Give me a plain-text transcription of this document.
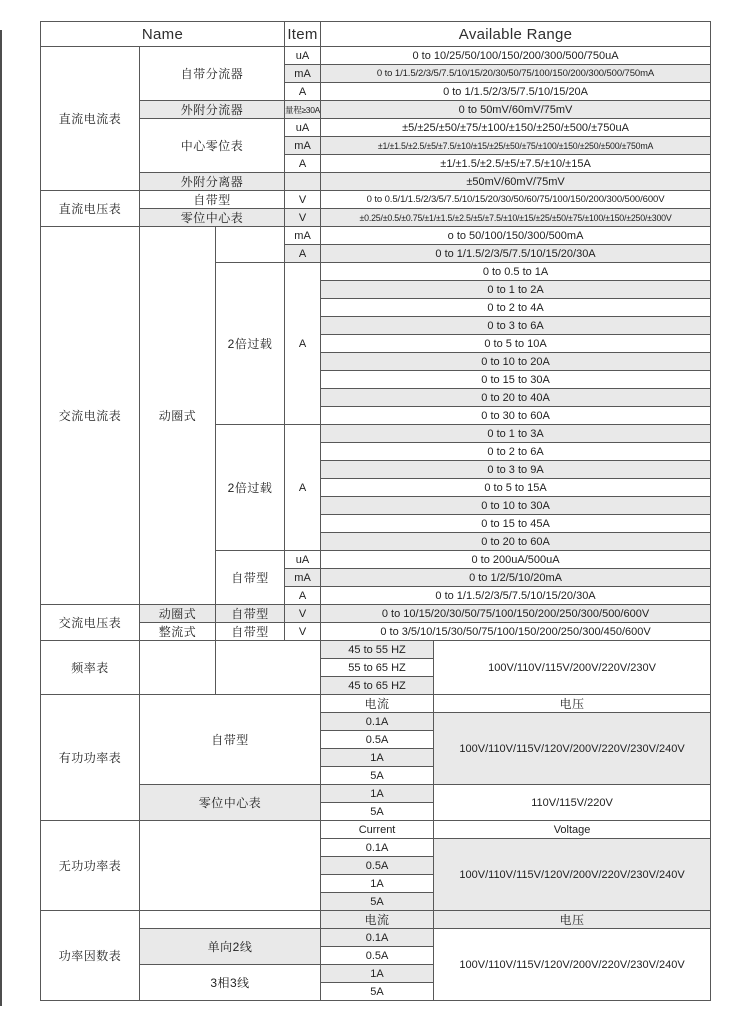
Name			Item	Available Range	
直流电流表	自带分流器		uA	0 to 10/25/50/100/150/200/300/500/750uA	
			mA	0 to 1/1.5/2/3/5/7.5/10/15/20/30/50/75/100/150/200/300/500/750mA	
			A	0 to 1/1.5/2/3/5/7.5/10/15/20A	
	外附分流器		量程≥30A	0 to 50mV/60mV/75mV	
	中心零位表		uA	±5/±25/±50/±75/±100/±150/±250/±500/±750uA	
			mA	±1/±1.5/±2.5/±5/±7.5/±10/±15/±25/±50/±75/±100/±150/±250/±500/±750mA	
			A	±1/±1.5/±2.5/±5/±7.5/±10/±15A	
	外附分离器			±50mV/60mV/75mV	
直流电压表	自带型		V	0 to 0.5/1/1.5/2/3/5/7.5/10/15/20/30/50/60/75/100/150/200/300/500/600V	
	零位中心表		V	±0.25/±0.5/±0.75/±1/±1.5/±2.5/±5/±7.5/±10/±15/±25/±50/±75/±100/±150/±250/±300V	
交流电流表	动圈式		mA	o to 50/100/150/300/500mA	
			A	0 to 1/1.5/2/3/5/7.5/10/15/20/30A	
		2倍过载	A	0 to 0.5 to 1A	
				0 to 1 to 2A	
				0 to 2 to 4A	
				0 to 3 to 6A	
				0 to 5 to 10A	
				0 to 10 to 20A	
				0 to 15 to 30A	
				0 to 20 to 40A	
				0 to 30 to 60A	
		2倍过载	A	0 to 1 to 3A	
				0 to 2 to 6A	
				0 to 3 to 9A	
				0 to 5 to 15A	
				0 to 10 to 30A	
				0 to 15 to 45A	
				0 to 20 to 60A	
		自带型	uA	0 to 200uA/500uA	
			mA	0 to 1/2/5/10/20mA	
			A	0 to 1/1.5/2/3/5/7.5/10/15/20/30A	
交流电压表	动圈式	自带型	V	0 to 10/15/20/30/50/75/100/150/200/250/300/500/600V	
	整流式	自带型	V	0 to 3/5/10/15/30/50/75/100/150/200/250/300/450/600V	
频率表				45 to 55 HZ	100V/110V/115V/200V/220V/230V
				55 to 65 HZ	
				45 to 65 HZ	
有功功率表	自带型			电流	电压
				0.1A	100V/110V/115V/120V/200V/220V/230V/240V
				0.5A	
				1A	
				5A	
	零位中心表			1A	110V/115V/220V
				5A	
无功功率表				Current	Voltage
				0.1A	100V/110V/115V/120V/200V/220V/230V/240V
				0.5A	
				1A	
				5A	
功率因数表				电流	电压
	单向2线			0.1A	100V/110V/115V/120V/200V/220V/230V/240V
				0.5A	
	3相3线			1A	
				5A	
